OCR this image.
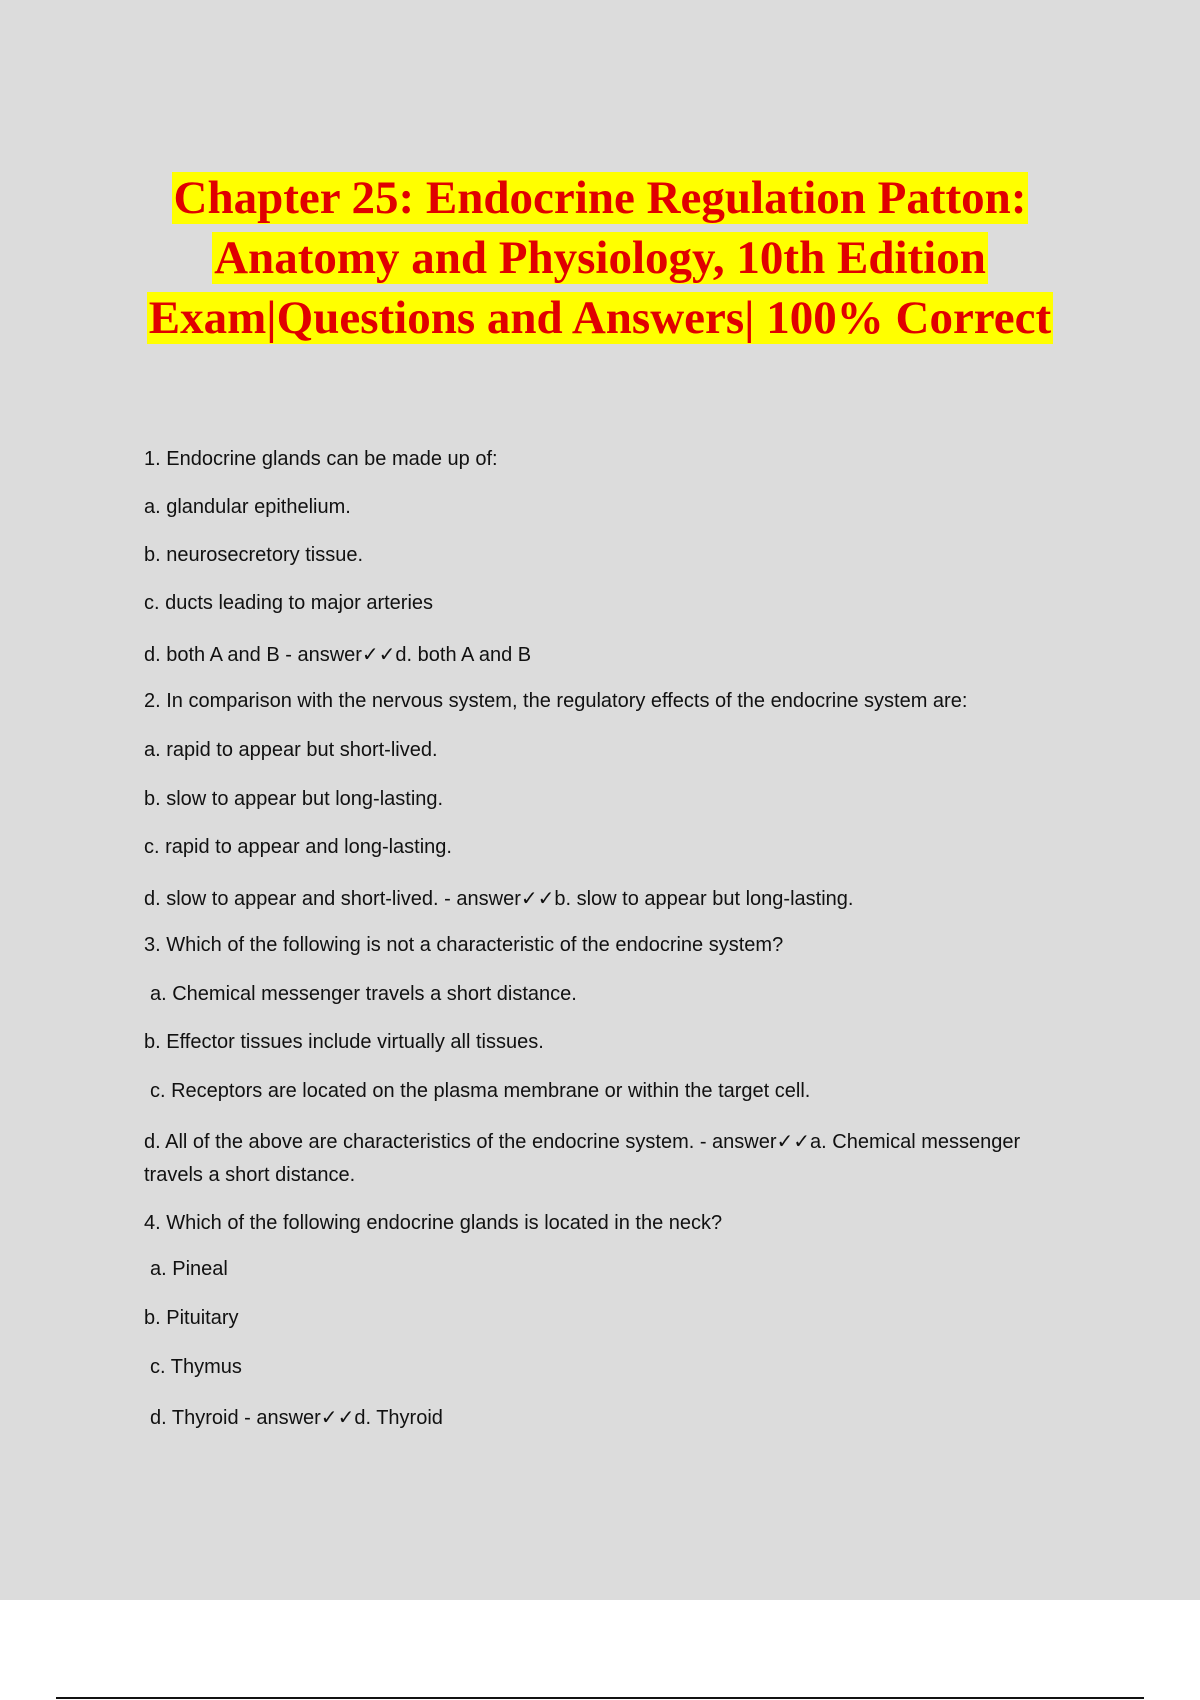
Chapter 25: Endocrine Regulation Patton:
Anatomy and Physiology, 10th Edition
Exam|Questions and Answers| 100% Correct
1. Endocrine glands can be made up of:
a. glandular epithelium.
b. neurosecretory tissue.
c. ducts leading to major arteries
d. both A and B - answer✓✓d. both A and B
2. In comparison with the nervous system, the regulatory effects of the endocrine system are:
a. rapid to appear but short-lived.
b. slow to appear but long-lasting.
c. rapid to appear and long-lasting.
d. slow to appear and short-lived. - answer✓✓b. slow to appear but long-lasting.
3. Which of the following is not a characteristic of the endocrine system?
a. Chemical messenger travels a short distance.
b. Effector tissues include virtually all tissues.
c. Receptors are located on the plasma membrane or within the target cell.
d. All of the above are characteristics of the endocrine system. - answer✓✓a. Chemical messenger travels a short distance.
4. Which of the following endocrine glands is located in the neck?
a. Pineal
b. Pituitary
c. Thymus
d. Thyroid - answer✓✓d. Thyroid
